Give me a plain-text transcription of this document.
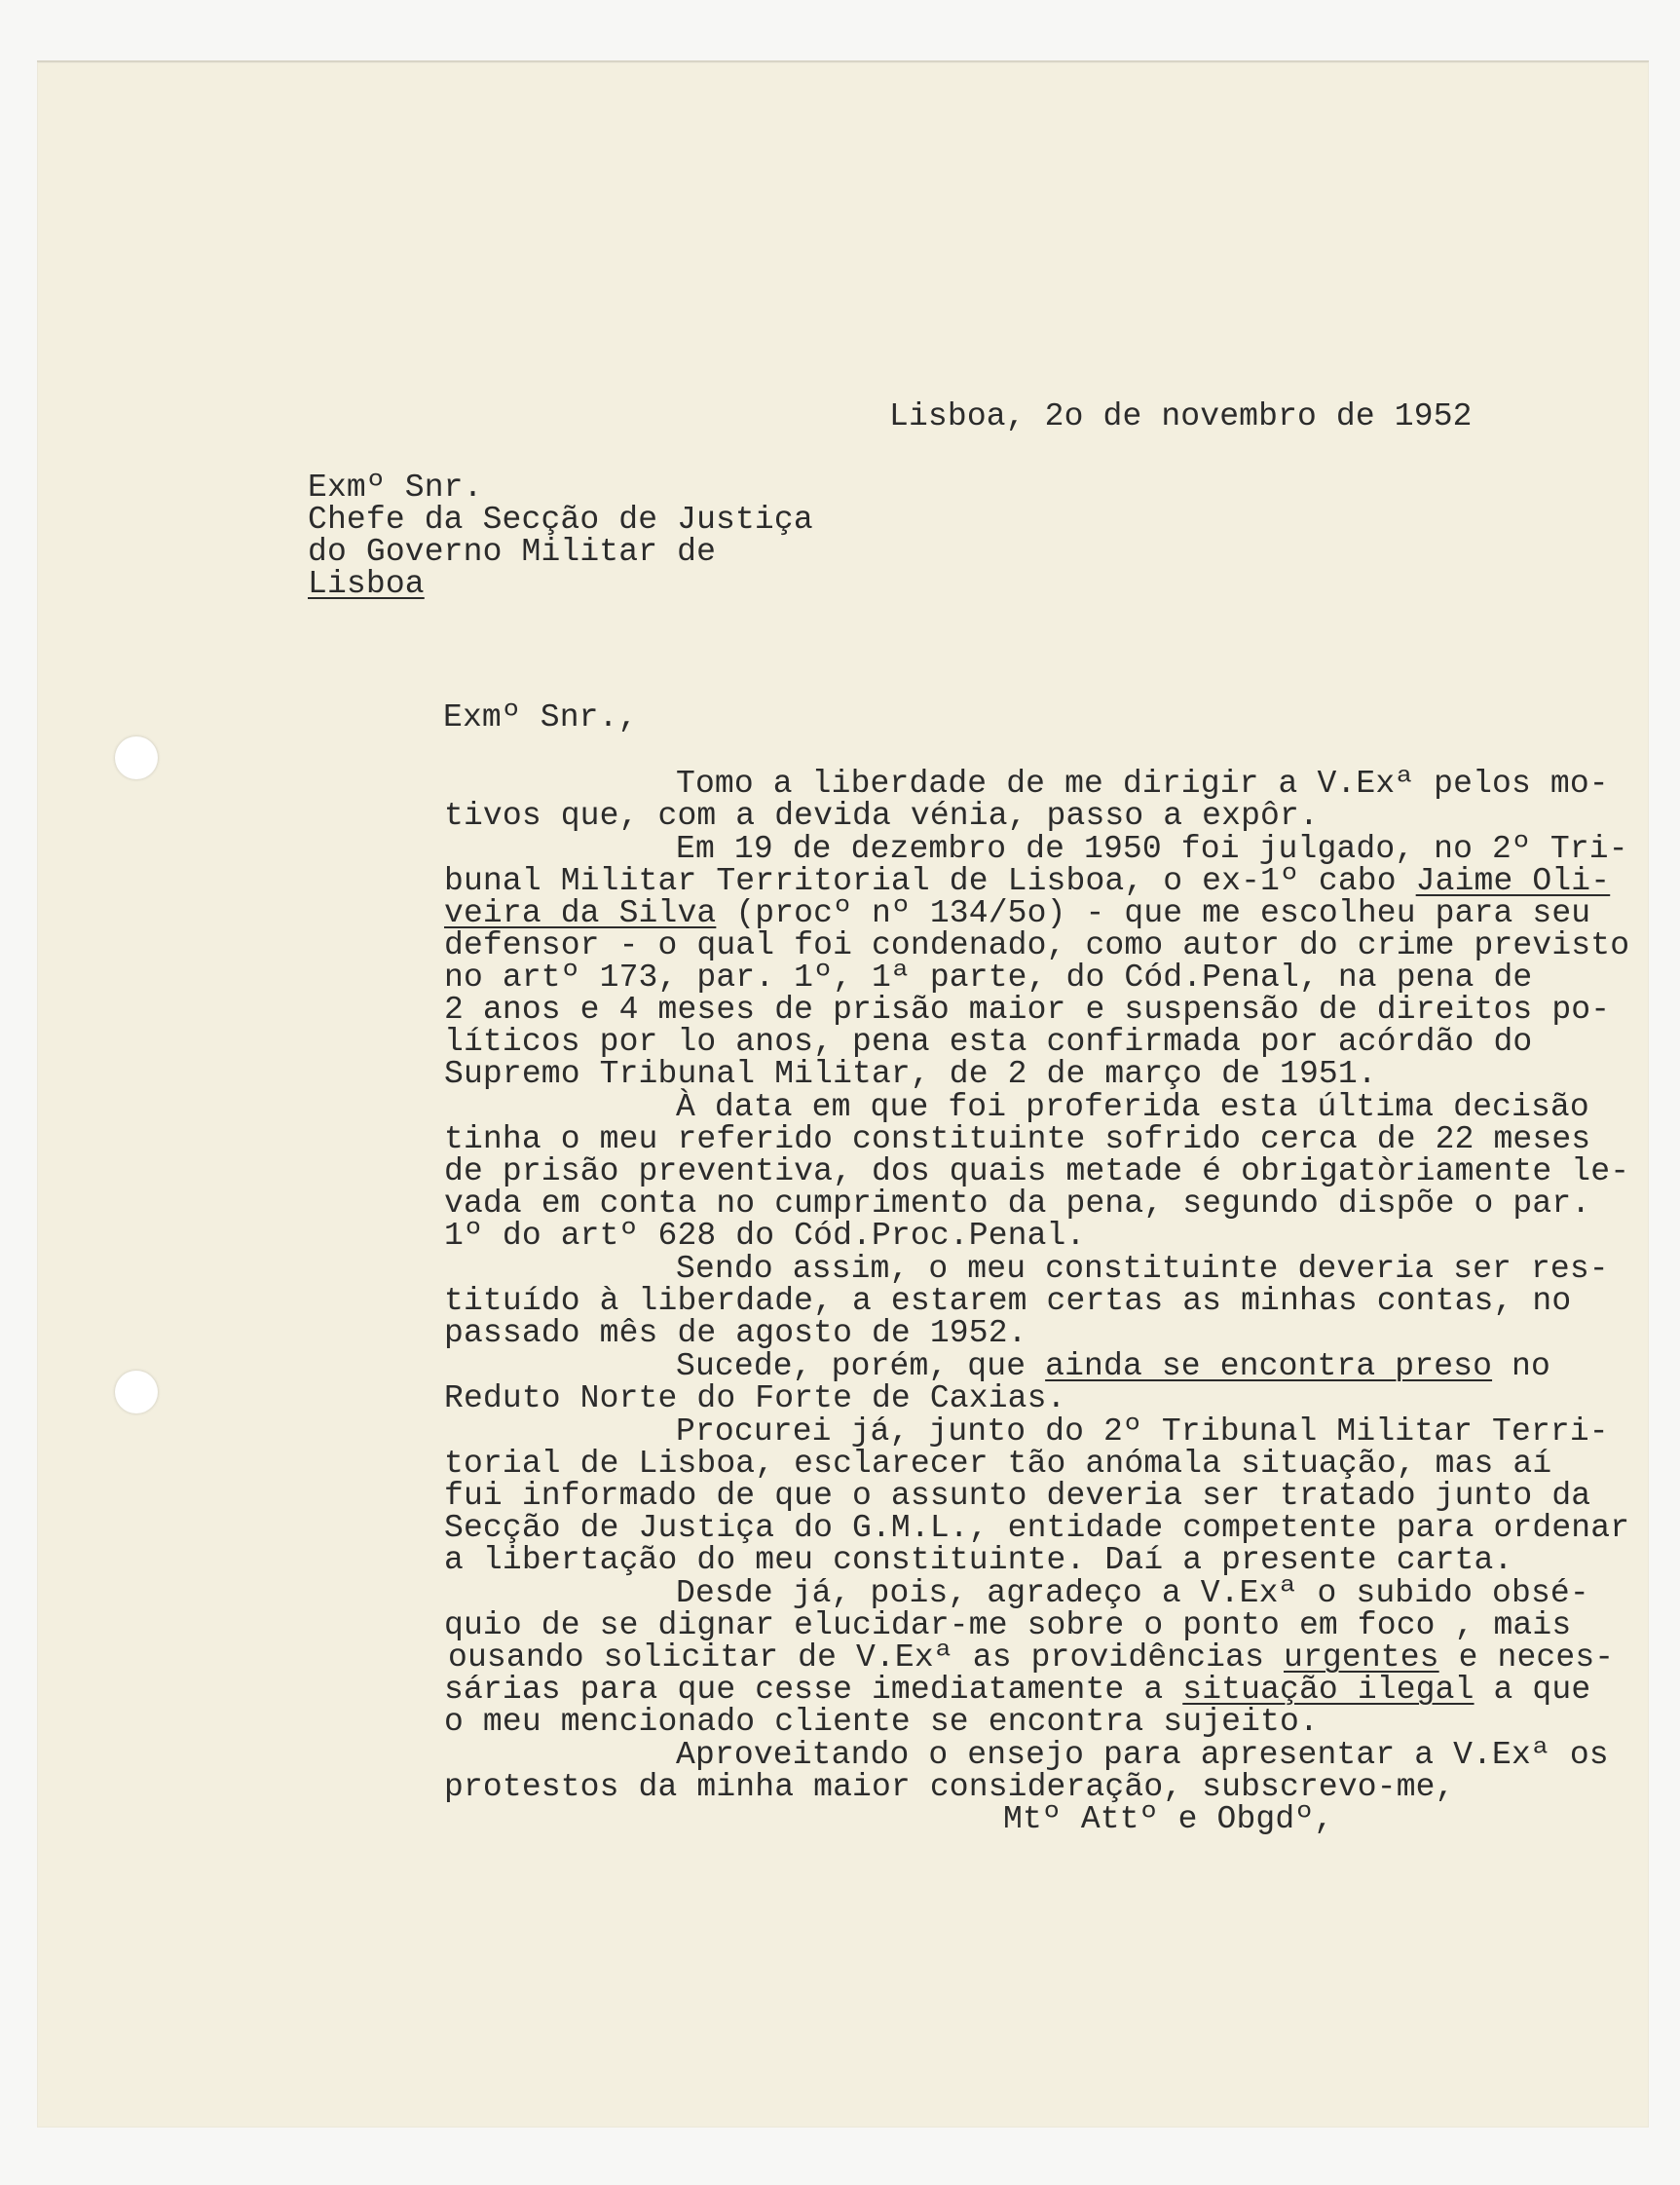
Lisboa, 2o de novembro de 1952
Exmº Snr.
Chefe da Secção de Justiça
do Governo Militar de
Lisboa
Exmº Snr.,
Tomo a liberdade de me dirigir a V.Exª pelos mo-
tivos que, com a devida vénia, passo a expôr.
Em 19 de dezembro de 1950 foi julgado, no 2º Tri-
bunal Militar Territorial de Lisboa, o ex-1º cabo Jaime Oli-
veira da Silva (procº nº 134/5o) - que me escolheu para seu
defensor - o qual foi condenado, como autor do crime previsto
no artº 173, par. 1º, 1ª parte, do Cód.Penal, na pena de
2 anos e 4 meses de prisão maior e suspensão de direitos po-
líticos por lo anos, pena esta confirmada por acórdão do
Supremo Tribunal Militar, de 2 de março de 1951.
À data em que foi proferida esta última decisão
tinha o meu referido constituinte sofrido cerca de 22 meses
de prisão preventiva, dos quais metade é obrigatòriamente le-
vada em conta no cumprimento da pena, segundo dispõe o par.
1º do artº 628 do Cód.Proc.Penal.
Sendo assim, o meu constituinte deveria ser res-
tituído à liberdade, a estarem certas as minhas contas, no
passado mês de agosto de 1952.
Sucede, porém, que ainda se encontra preso no
Reduto Norte do Forte de Caxias.
Procurei já, junto do 2º Tribunal Militar Terri-
torial de Lisboa, esclarecer tão anómala situação, mas aí
fui informado de que o assunto deveria ser tratado junto da
Secção de Justiça do G.M.L., entidade competente para ordenar
a libertação do meu constituinte. Daí a presente carta.
Desde já, pois, agradeço a V.Exª o subido obsé-
quio de se dignar elucidar-me sobre o ponto em foco , mais
ousando solicitar de V.Exª as providências urgentes e neces-
sárias para que cesse imediatamente a situação ilegal a que
o meu mencionado cliente se encontra sujeito.
Aproveitando o ensejo para apresentar a V.Exª os
protestos da minha maior consideração, subscrevo-me,
Mtº Attº e Obgdº,
